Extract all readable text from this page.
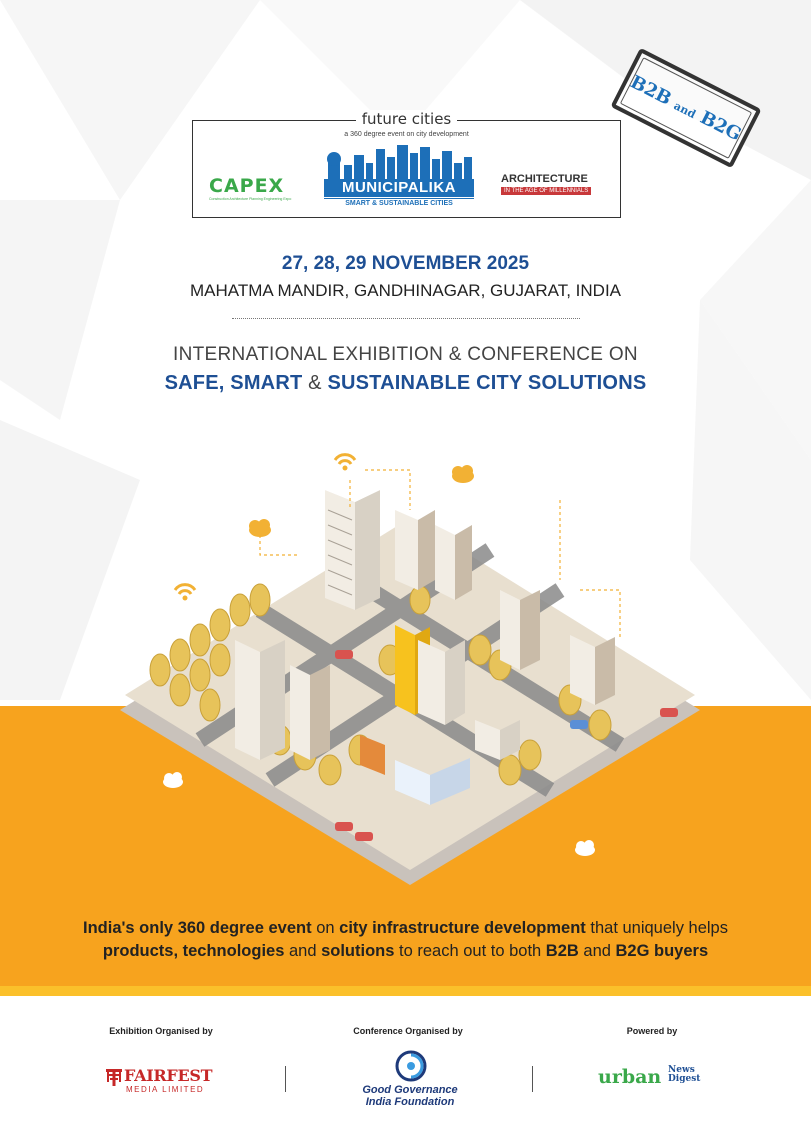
future cities
a 360 degree event on city development
CAPEX
Construction Architecture Planning Engineering Expo
MUNICIPALIKA
SMART & SUSTAINABLE CITIES
ARCHITECTURE
IN THE AGE OF MILLENNIALS
B2B and B2G
27, 28, 29 NOVEMBER 2025
MAHATMA MANDIR, GANDHINAGAR, GUJARAT, INDIA
INTERNATIONAL EXHIBITION & CONFERENCE ON
SAFE, SMART & SUSTAINABLE CITY SOLUTIONS
India's only 360 degree event on city infrastructure development that uniquely helps
products, technologies and solutions to reach out to both B2B and B2G buyers
Exhibition Organised by	Conference Organised by	Powered by
FAIRFEST
MEDIA LIMITED	Good Governance
India Foundation
urban News
Digest
